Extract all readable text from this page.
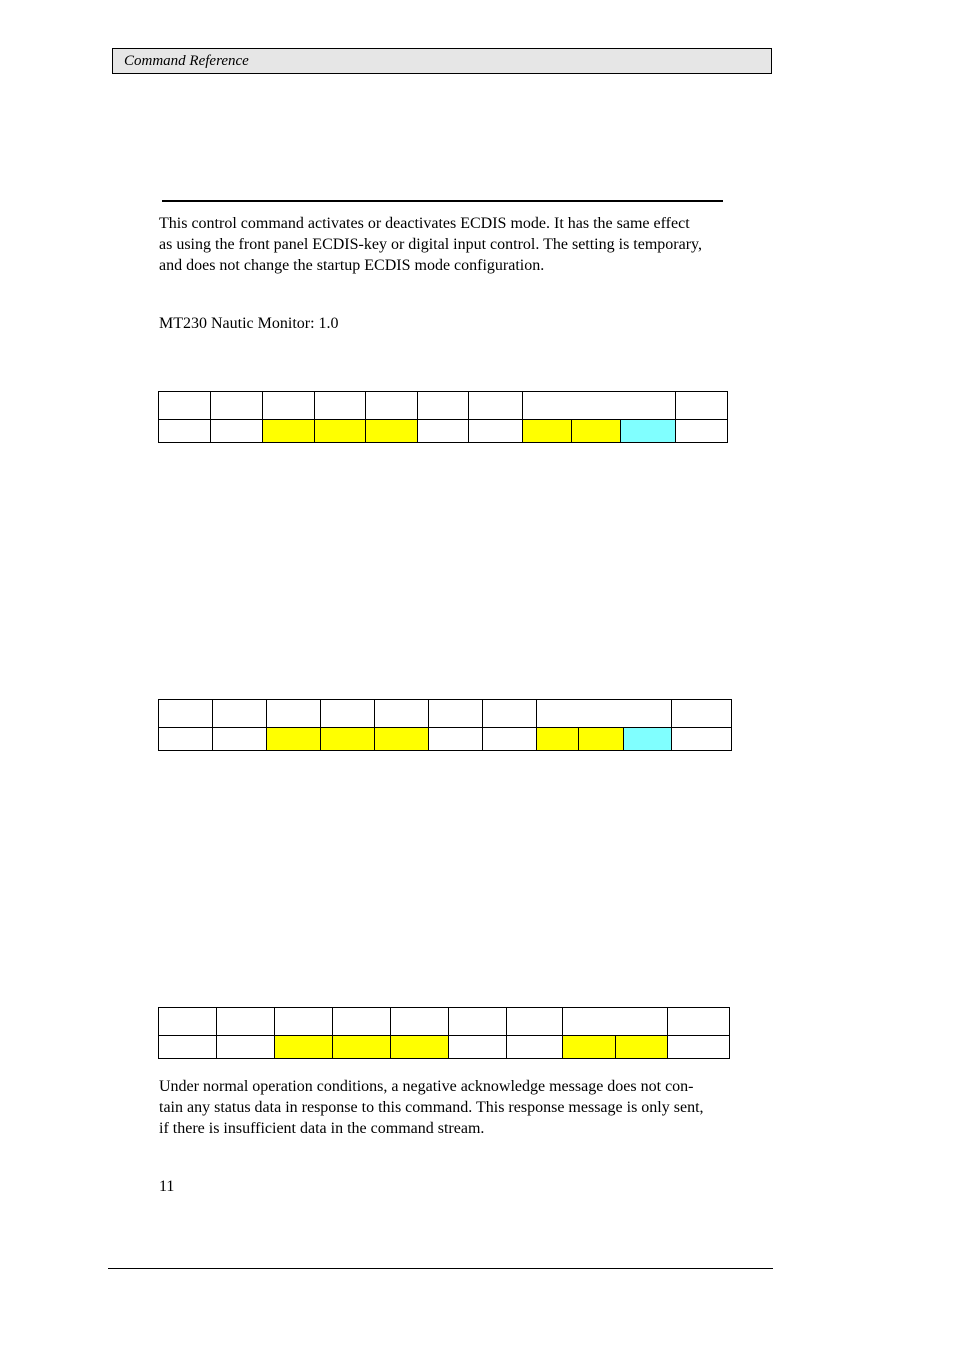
Command Reference
This control command activates or deactivates ECDIS mode. It has the same effect
as using the front panel ECDIS-key or digital input control. The setting is temporary,
and does not change the startup ECDIS mode configuration.
MT230 Nautic Monitor: 1.0

Under normal operation conditions, a negative acknowledge message does not con-
tain any status data in response to this command. This response message is only sent,
if there is insufficient data in the command stream.
11
